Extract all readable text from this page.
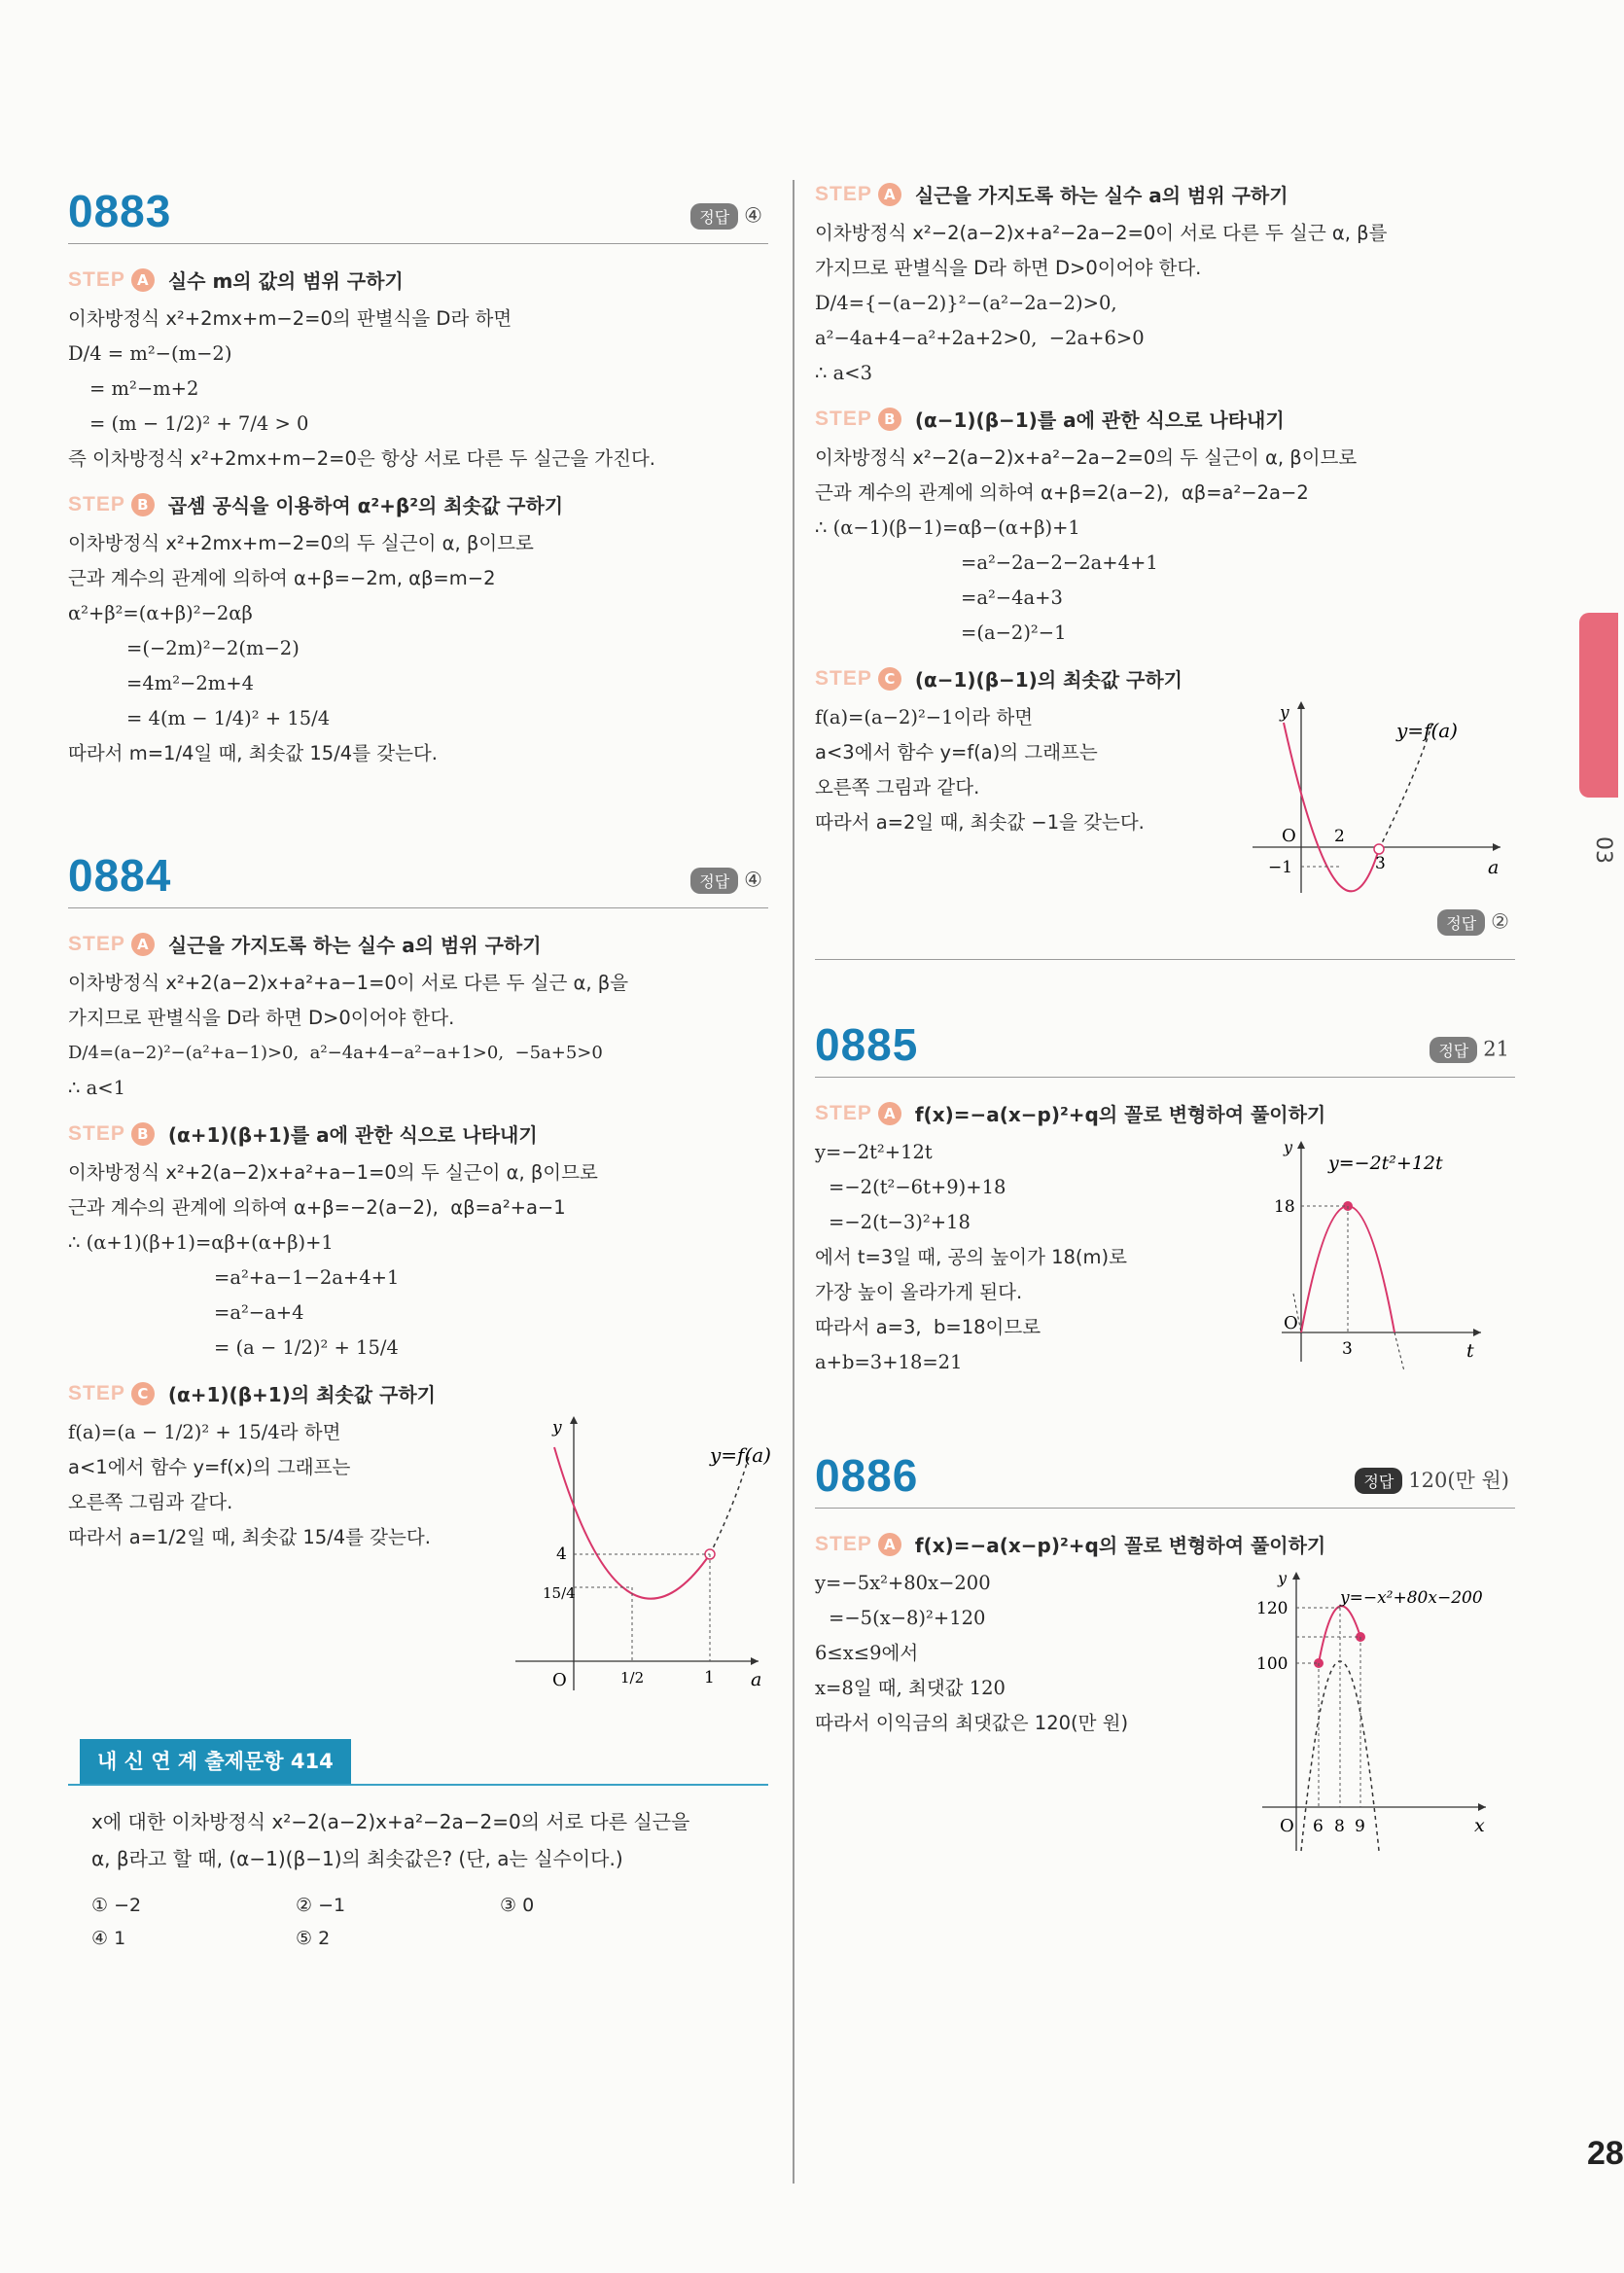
0883	정답 ④
STEP A	실수 m의 값의 범위 구하기
이차방정식 x²+2mx+m−2=0의 판별식을 D라 하면
D/4 = m²−(m−2)
= m²−m+2
= (m − 1/2)² + 7/4 > 0
즉 이차방정식 x²+2mx+m−2=0은 항상 서로 다른 두 실근을 가진다.
STEP B	곱셈 공식을 이용하여 α²+β²의 최솟값 구하기
이차방정식 x²+2mx+m−2=0의 두 실근이 α, β이므로
근과 계수의 관계에 의하여 α+β=−2m, αβ=m−2
α²+β²=(α+β)²−2αβ
=(−2m)²−2(m−2)
=4m²−2m+4
= 4(m − 1/4)² + 15/4
따라서 m=1/4일 때, 최솟값 15/4를 갖는다.
0884	정답 ④
STEP A	실근을 가지도록 하는 실수 a의 범위 구하기
이차방정식 x²+2(a−2)x+a²+a−1=0이 서로 다른 두 실근 α, β을
가지므로 판별식을 D라 하면 D>0이어야 한다.
D/4=(a−2)²−(a²+a−1)>0,  a²−4a+4−a²−a+1>0,  −5a+5>0
∴ a<1
STEP B	(α+1)(β+1)를 a에 관한 식으로 나타내기
이차방정식 x²+2(a−2)x+a²+a−1=0의 두 실근이 α, β이므로
근과 계수의 관계에 의하여 α+β=−2(a−2),  αβ=a²+a−1
∴ (α+1)(β+1)=αβ+(α+β)+1
=a²+a−1−2a+4+1
=a²−a+4
= (a − 1/2)² + 15/4
STEP C	(α+1)(β+1)의 최솟값 구하기
f(a)=(a − 1/2)² + 15/4라 하면
a<1에서 함수 y=f(x)의 그래프는
오른쪽 그림과 같다.
따라서 a=1/2일 때, 최솟값 15/4를 갖는다.
y=f(a)
y
a
O
4
15/4
1/2	1
내 신 연 계 출제문항 414
x에 대한 이차방정식 x²−2(a−2)x+a²−2a−2=0의 서로 다른 실근을
α, β라고 할 때, (α−1)(β−1)의 최솟값은? (단, a는 실수이다.)
① −2	② −1	③ 0
④ 1	⑤ 2
STEP A	실근을 가지도록 하는 실수 a의 범위 구하기
이차방정식 x²−2(a−2)x+a²−2a−2=0이 서로 다른 두 실근 α, β를
가지므로 판별식을 D라 하면 D>0이어야 한다.
D/4={−(a−2)}²−(a²−2a−2)>0,
a²−4a+4−a²+2a+2>0,  −2a+6>0
∴ a<3
STEP B	(α−1)(β−1)를 a에 관한 식으로 나타내기
이차방정식 x²−2(a−2)x+a²−2a−2=0의 두 실근이 α, β이므로
근과 계수의 관계에 의하여 α+β=2(a−2),  αβ=a²−2a−2
∴ (α−1)(β−1)=αβ−(α+β)+1
=a²−2a−2−2a+4+1
=a²−4a+3
=(a−2)²−1
STEP C	(α−1)(β−1)의 최솟값 구하기
f(a)=(a−2)²−1이라 하면
a<3에서 함수 y=f(a)의 그래프는
오른쪽 그림과 같다.
따라서 a=2일 때, 최솟값 −1을 갖는다.
y=f(a)
y
a
O
−1
2
3
정답 ②
0885	정답 21
STEP A	f(x)=−a(x−p)²+q의 꼴로 변형하여 풀이하기
y=−2t²+12t
=−2(t²−6t+9)+18
=−2(t−3)²+18
에서 t=3일 때, 공의 높이가 18(m)로
가장 높이 올라가게 된다.
따라서 a=3,  b=18이므로
a+b=3+18=21
y=−2t²+12t
y
t
O
18
3
0886	정답 120(만 원)
STEP A	f(x)=−a(x−p)²+q의 꼴로 변형하여 풀이하기
y=−5x²+80x−200
=−5(x−8)²+120
6≤x≤9에서
x=8일 때, 최댓값 120
따라서 이익금의 최댓값은 120(만 원)
y=−x²+80x−200
y
x
O
120
100
6 8 9
03
28
